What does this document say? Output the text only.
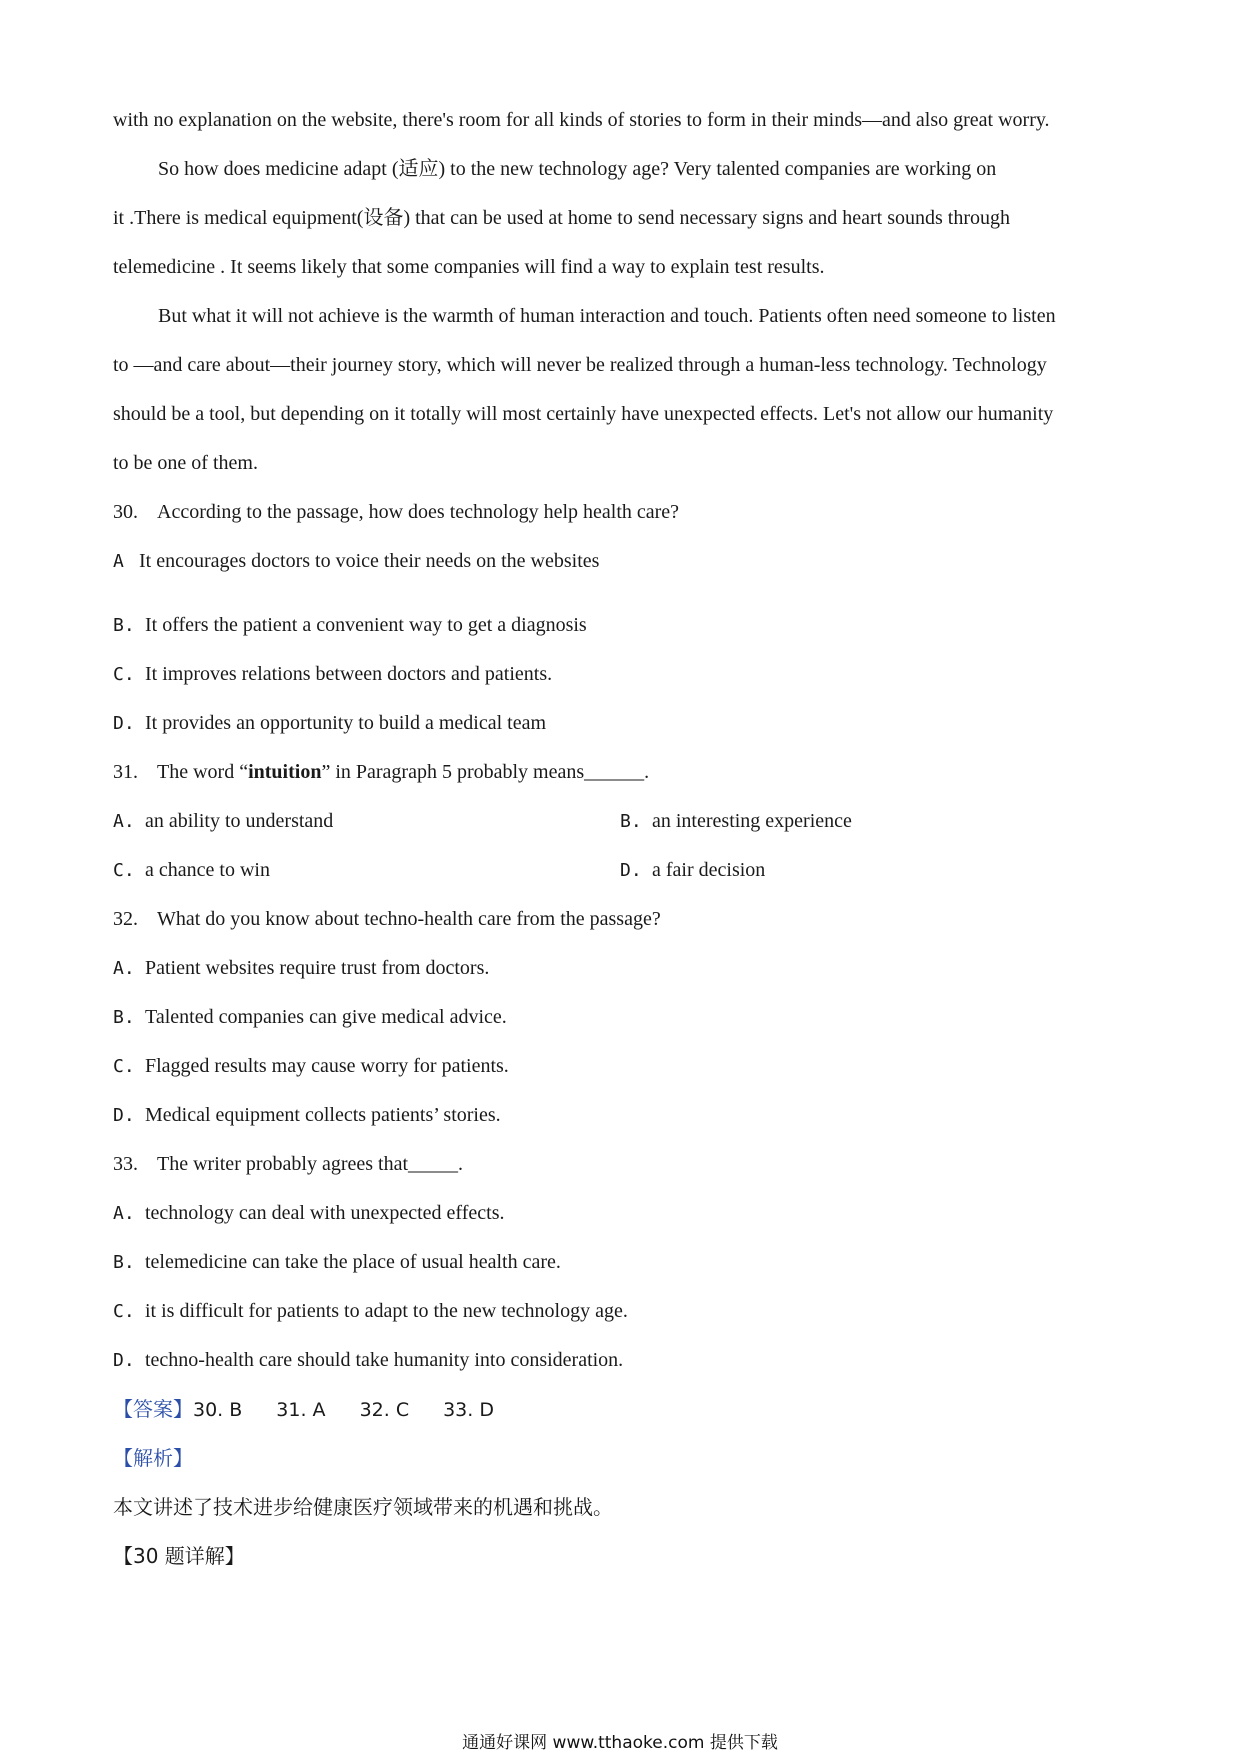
with no explanation on the website, there's room for all kinds of stories to form in their minds—and also great worry.
So how does medicine adapt (适应) to the new technology age? Very talented companies are working on
it .There is medical equipment(设备) that can be used at home to send necessary signs and heart sounds through
telemedicine . It seems likely that some companies will find a way to explain test results.
But what it will not achieve is the warmth of human interaction and touch. Patients often need someone to listen
to —and care about—their journey story, which will never be realized through a human-less technology. Technology
should be a tool, but depending on it totally will most certainly have unexpected effects. Let's not allow our humanity
to be one of them.
30. According to the passage, how does technology help health care?
A It encourages doctors to voice their needs on the websites
B. It offers the patient a convenient way to get a diagnosis
C. It improves relations between doctors and patients.
D. It provides an opportunity to build a medical team
31. The word “intuition” in Paragraph 5 probably means______.
A. an ability to understand	B. an interesting experience
C. a chance to win	D. a fair decision
32. What do you know about techno-health care from the passage?
A. Patient websites require trust from doctors.
B. Talented companies can give medical advice.
C. Flagged results may cause worry for patients.
D. Medical equipment collects patients’ stories.
33. The writer probably agrees that_____.
A. technology can deal with unexpected effects.
B. telemedicine can take the place of usual health care.
C. it is difficult for patients to adapt to the new technology age.
D. techno-health care should take humanity into consideration.
【答案】30. B 31. A 32. C 33. D
【解析】
本文讲述了技术进步给健康医疗领域带来的机遇和挑战。
【30 题详解】
通通好课网 www.tthaoke.com 提供下载
